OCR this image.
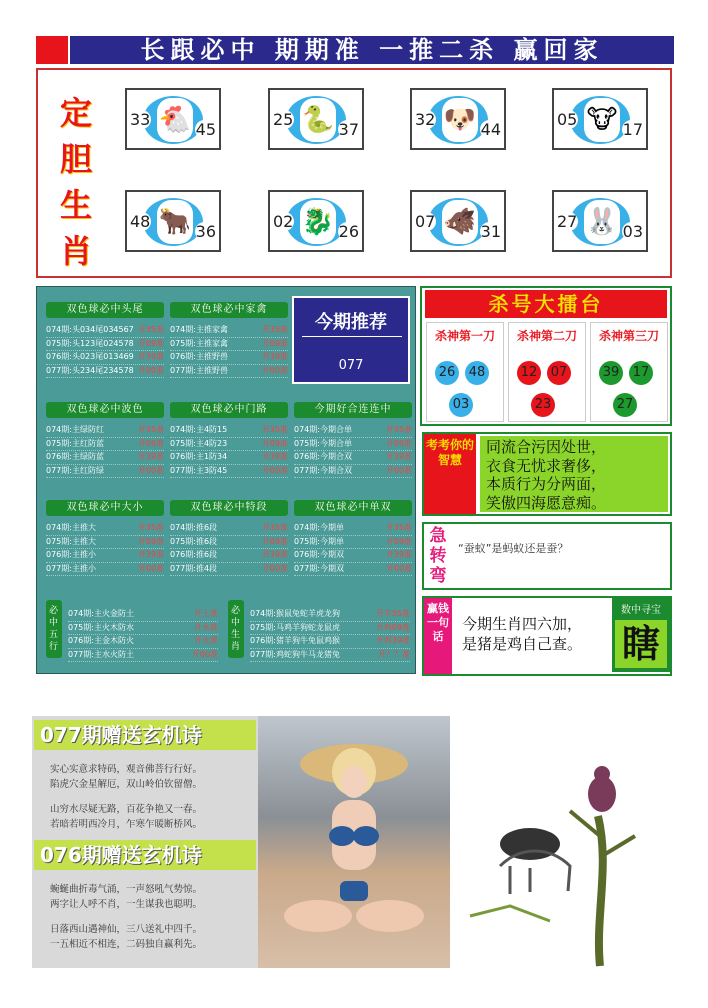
长跟必中 期期准 一推二杀 赢回家
定胆生肖
🐔
33
45	🐍
25
37	🐶
32
44	🐮
05
17
🐂
48
36	🐉
02
26	🐗
07
31	🐰
27
03
双色球必中头尾
074期:头034尾034567 开35准
075期:头123尾024578 开09准
076期:头023尾013469 开39准
077期:头234尾234578 开00准
双色球必中家禽
074期:主推家禽	开35准
075期:主推家禽	开09准
076期:主推野兽	开39准
077期:主推野兽	开00准
双色球必中波色
074期:主绿防红	开35准
075期:主红防蓝	开09准
076期:主绿防蓝	开39准
077期:主红防绿	开00准
双色球必中门路
074期:主4防15	开35准
075期:主4防23	开09准
076期:主1防34	开39准
077期:主3防45	开00准
今期好合连连中
074期:今期合单	开35准
075期:今期合单	开09准
076期:今期合双	开39准
077期:今期合双	开00准
双色球必中大小
074期:主推大	开35准
075期:主推大	开09准
076期:主推小	开39准
077期:主推小	开00准
双色球必中特段
074期:推6段	开35准
075期:推6段	开09准
076期:推6段	开39准
077期:推4段	开00准
双色球必中单双
074期:今期单	开35准
075期:今期单	开09准
076期:今期双	开39准
077期:今期双	开00准
必中五行
074期:主火金防土	开土准
075期:主火木防水	开水准
076期:主金木防火	开火准
077期:主水火防土	开00准
必中生肖
074期:猴鼠兔蛇羊虎龙狗	开羊35准
075期:马鸡羊狗蛇龙鼠虎	开鸡09准
076期:猪羊狗牛兔鼠鸡猴	开鸡39准
077期:鸡蛇狗牛马龙猪兔	开？？准
今期推荐
077
杀号大擂台
杀神第一刀
26 48
03
杀神第二刀
12 07
23
杀神第三刀
39 17
27
考考你的智慧
同流合污因处世，
衣食无忧求奢侈，
本质行为分两面，
笑傲四海愿意痴。
急转弯
“蚕蚁”是蚂蚁还是蚕？
赢钱一句话
今期生肖四六加，
是猪是鸡自己查。
数中寻宝
瞎
077期赠送玄机诗
实心实意求特码，观音佛菩行行好。
陷虎穴金星解厄，双山岭伯钦留僧。
山穷水尽疑无路，百花争艳又一春。
若暗若明西冷月，乍寒乍暖断桥风。
076期赠送玄机诗
蜿蜒曲折毒气涌，一声怒吼气势惊。
两字让人呼不肖，一生谋我也聪明。
日落西山遇神仙，三八送礼中四千。
一五相近不相连，二码独自赢利先。
